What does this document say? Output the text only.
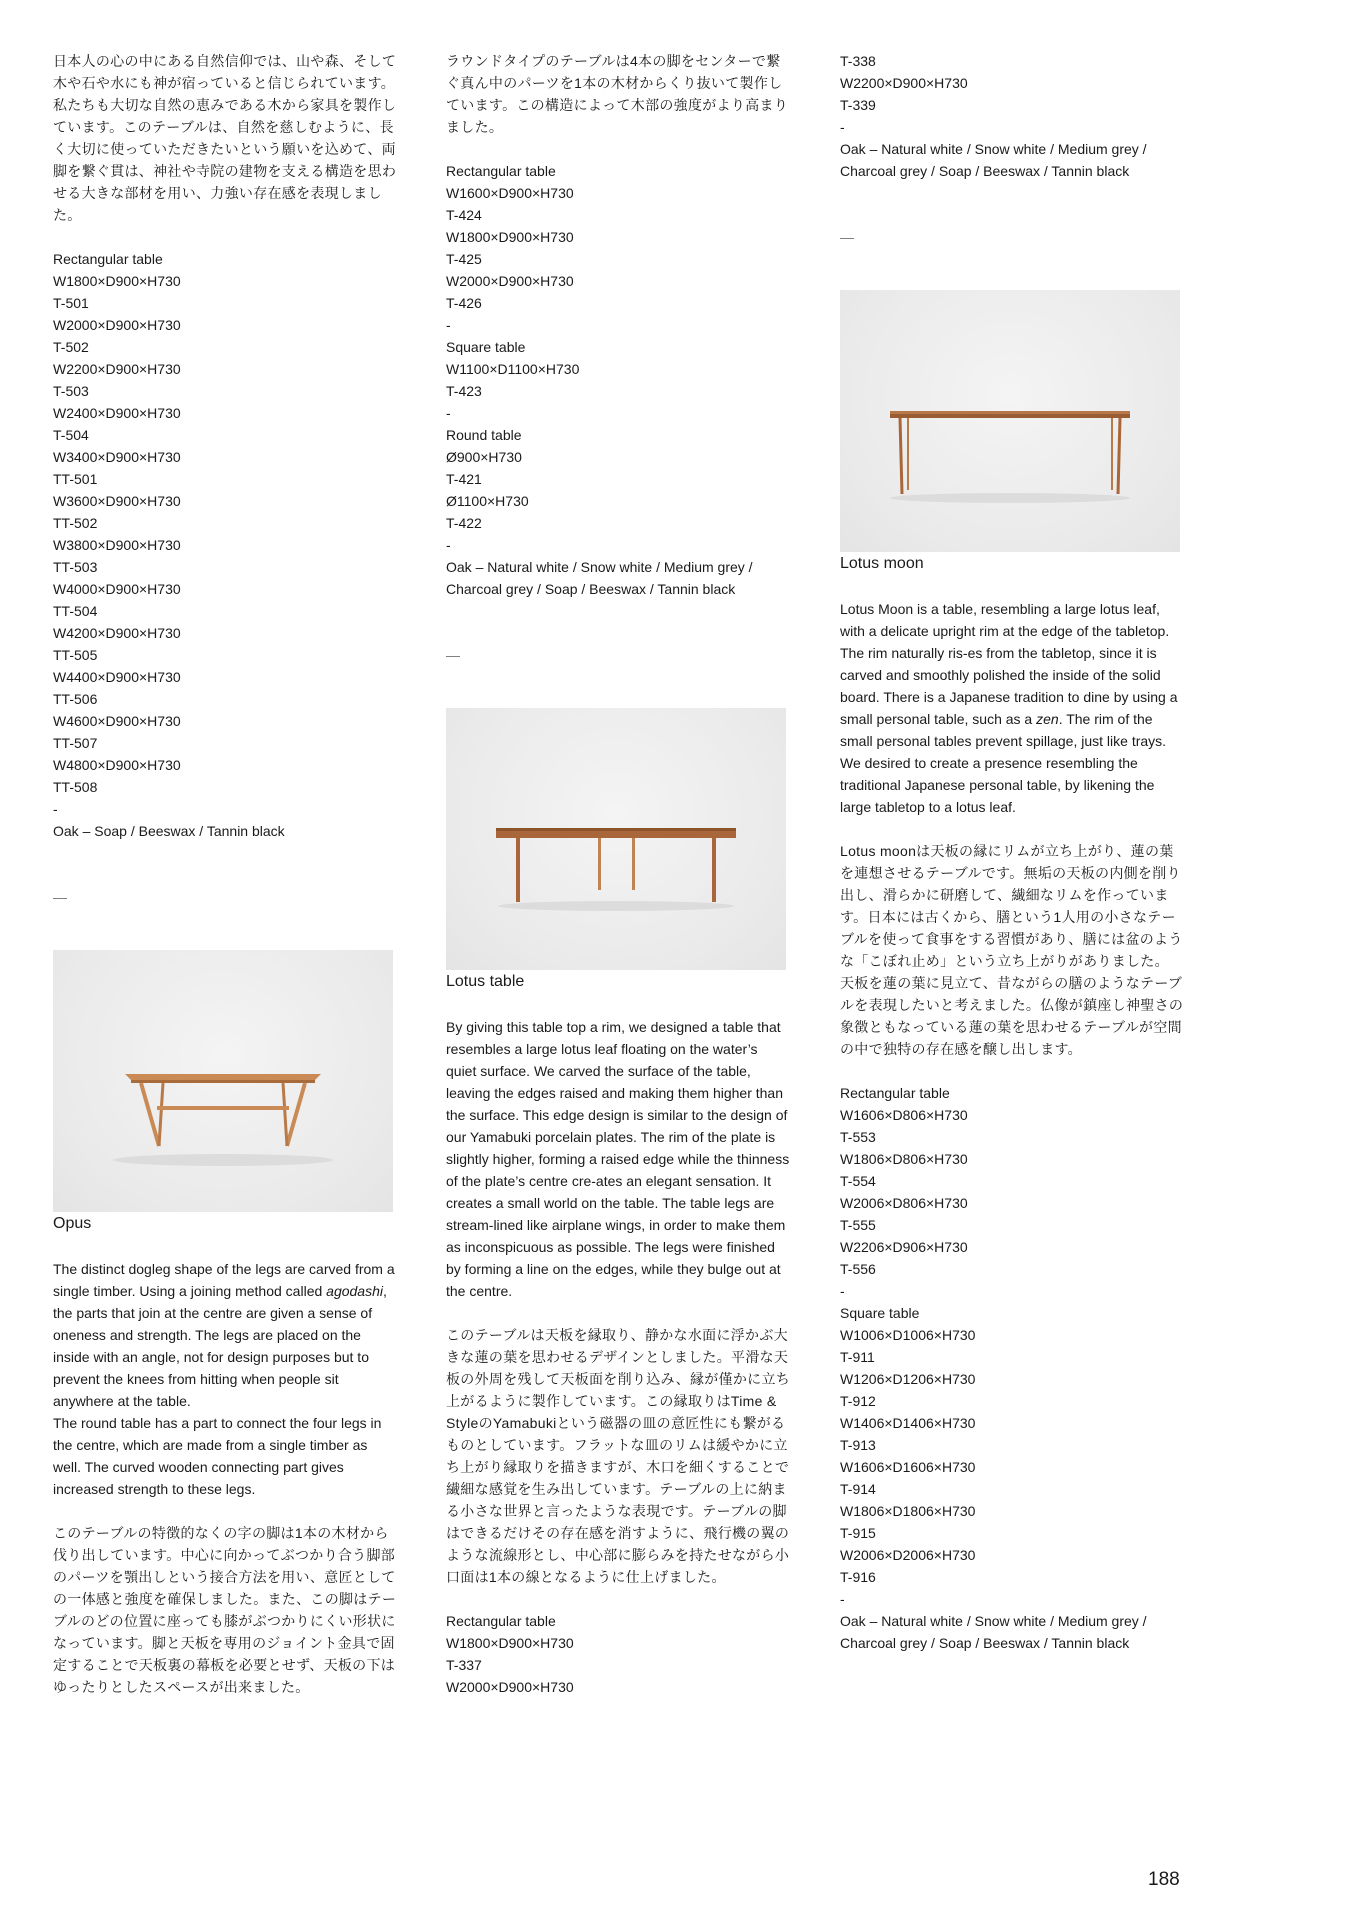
日本人の心の中にある自然信仰では、山や森、そして木や石や水にも神が宿っていると信じられています。私たちも大切な自然の恵みである木から家具を製作しています。このテーブルは、自然を慈しむように、長く大切に使っていただきたいという願いを込めて、両脚を繋ぐ貫は、神社や寺院の建物を支える構造を思わせる大きな部材を用い、力強い存在感を表現しました。

Rectangular table
W1800×D900×H730
T-501
W2000×D900×H730
T-502
W2200×D900×H730
T-503
W2400×D900×H730
T-504
W3400×D900×H730
TT-501
W3600×D900×H730
TT-502
W3800×D900×H730
TT-503
W4000×D900×H730
TT-504
W4200×D900×H730
TT-505
W4400×D900×H730
TT-506
W4600×D900×H730
TT-507
W4800×D900×H730
TT-508
-
Oak – Soap / Beeswax / Tannin black

—

Opus

The distinct dogleg shape of the legs are carved from a single timber. Using a joining method called agodashi, the parts that join at the centre are given a sense of oneness and strength. The legs are placed on the inside with an angle, not for design purposes but to prevent the knees from hitting when people sit anywhere at the table.
The round table has a part to connect the four legs in the centre, which are made from a single timber as well. The curved wooden connecting part gives increased strength to these legs.

このテーブルの特徴的なくの字の脚は1本の木材から伐り出しています。中心に向かってぶつかり合う脚部のパーツを顎出しという接合方法を用い、意匠としての一体感と強度を確保しました。また、この脚はテーブルのどの位置に座っても膝がぶつかりにくい形状になっています。脚と天板を専用のジョイント金具で固定することで天板裏の幕板を必要とせず、天板の下はゆったりとしたスペースが出来ました。

ラウンドタイプのテーブルは4本の脚をセンターで繋ぐ真ん中のパーツを1本の木材からくり抜いて製作しています。この構造によって木部の強度がより高まりました。

Rectangular table
W1600×D900×H730
T-424
W1800×D900×H730
T-425
W2000×D900×H730
T-426
-
Square table
W1100×D1100×H730
T-423
-
Round table
Ø900×H730
T-421
Ø1100×H730
T-422
-
Oak – Natural white / Snow white / Medium grey / Charcoal grey / Soap / Beeswax / Tannin black

—

Lotus table

By giving this table top a rim, we designed a table that resembles a large lotus leaf floating on the water’s quiet surface. We carved the surface of the table, leaving the edges raised and making them higher than the surface. This edge design is similar to the design of our Yamabuki porcelain plates. The rim of the plate is slightly higher, forming a raised edge while the thinness of the plate’s centre cre-ates an elegant sensation. It creates a small world on the table. The table legs are stream-lined like airplane wings, in order to make them as inconspicuous as possible. The legs were finished by forming a line on the edges, while they bulge out at the centre.

このテーブルは天板を縁取り、静かな水面に浮かぶ大きな蓮の葉を思わせるデザインとしました。平滑な天板の外周を残して天板面を削り込み、縁が僅かに立ち上がるように製作しています。この縁取りはTime & StyleのYamabukiという磁器の皿の意匠性にも繋がるものとしています。フラットな皿のリムは緩やかに立ち上がり縁取りを描きますが、木口を細くすることで繊細な感覚を生み出しています。テーブルの上に納まる小さな世界と言ったような表現です。テーブルの脚はできるだけその存在感を消すように、飛行機の翼のような流線形とし、中心部に膨らみを持たせながら小口面は1本の線となるように仕上げました。

Rectangular table
W1800×D900×H730
T-337
W2000×D900×H730

T-338
W2200×D900×H730
T-339
-
Oak – Natural white / Snow white / Medium grey / Charcoal grey / Soap / Beeswax / Tannin black

—

Lotus moon

Lotus Moon is a table, resembling a large lotus leaf, with a delicate upright rim at the edge of the tabletop. The rim naturally ris-es from the tabletop, since it is carved and smoothly polished the inside of the solid board. There is a Japanese tradition to dine by using a small personal table, such as a zen. The rim of the small personal tables prevent spillage, just like trays. We desired to create a presence resembling the traditional Japanese personal table, by likening the large tabletop to a lotus leaf.

Lotus moonは天板の縁にリムが立ち上がり、蓮の葉を連想させるテーブルです。無垢の天板の内側を削り出し、滑らかに研磨して、繊細なリムを作っています。日本には古くから、膳という1人用の小さなテーブルを使って食事をする習慣があり、膳には盆のような「こぼれ止め」という立ち上がりがありました。
天板を蓮の葉に見立て、昔ながらの膳のようなテーブルを表現したいと考えました。仏像が鎮座し神聖さの象徴ともなっている蓮の葉を思わせるテーブルが空間の中で独特の存在感を醸し出します。

Rectangular table
W1606×D806×H730
T-553
W1806×D806×H730
T-554
W2006×D806×H730
T-555
W2206×D906×H730
T-556
-
Square table
W1006×D1006×H730
T-911
W1206×D1206×H730
T-912
W1406×D1406×H730
T-913
W1606×D1606×H730
T-914
W1806×D1806×H730
T-915
W2006×D2006×H730
T-916
-
Oak – Natural white / Snow white / Medium grey / Charcoal grey / Soap / Beeswax / Tannin black

188
